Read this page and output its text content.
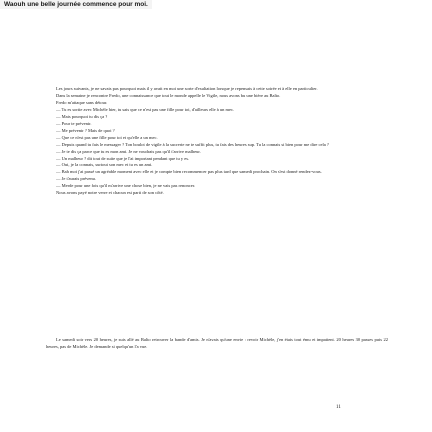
Waouh une belle journée commence pour moi.

Les jours suivants, je ne savais pas pourquoi mais il y avait en moi une sorte d'exaltation lorsque je repensais à cette soirée et à elle en particulier.

Dans la semaine je rencontre Fredo, une connaissance que tout le monde appelle le Vigile, nous avons bu une bière au Balto.

Fredo m'attaque sans détour.

— Tu es sortie avec Michèle hier, tu sais que ce n'est pas une fille pour toi, d'ailleurs elle à un mec.

— Mais pourquoi tu dis ça ?

— Pour te prévenir.

— Me prévenir ? Mais de quoi ?

— Que ce n'est pas une fille pour toi et qu'elle a un mec.

— Depuis quand tu fais le messager ? Ton boulot de vigile à la sucrerie ne te suffit plus, tu fais des heures sup. Tu la connais si bien pour me dire cela ?

— Je te dis ça parce que tu es mon ami. Je ne voudrais pas qu'il t'arrive malheur.

— Un malheur ? dit tout de suite que je l'ai important pendant que tu y es.

— Oui, je la connais, surtout son mec et tu es un ami.

— Bah moi j'ai passé un agréable moment avec elle et je compte bien recommencer pas plus tard que samedi prochain. On s'est donné rendez-vous.

— Je t'aurais prévenu.

— Merde pour une fois qu'il m'arrive une chose bien, je ne vais pas renoncer.

Nous avons payé notre verre et chacun est parti de son côté.

Le samedi soir vers 20 heures, je suis allé au Balto retrouver la bande d'amis. Je n'avais qu'une envie : revoir Michèle, j'en étais tout ému et impatient. 20 heures 30 passes puis 22 heures, pas de Michèle. Je demande si quelqu'un l'a vue.

11
